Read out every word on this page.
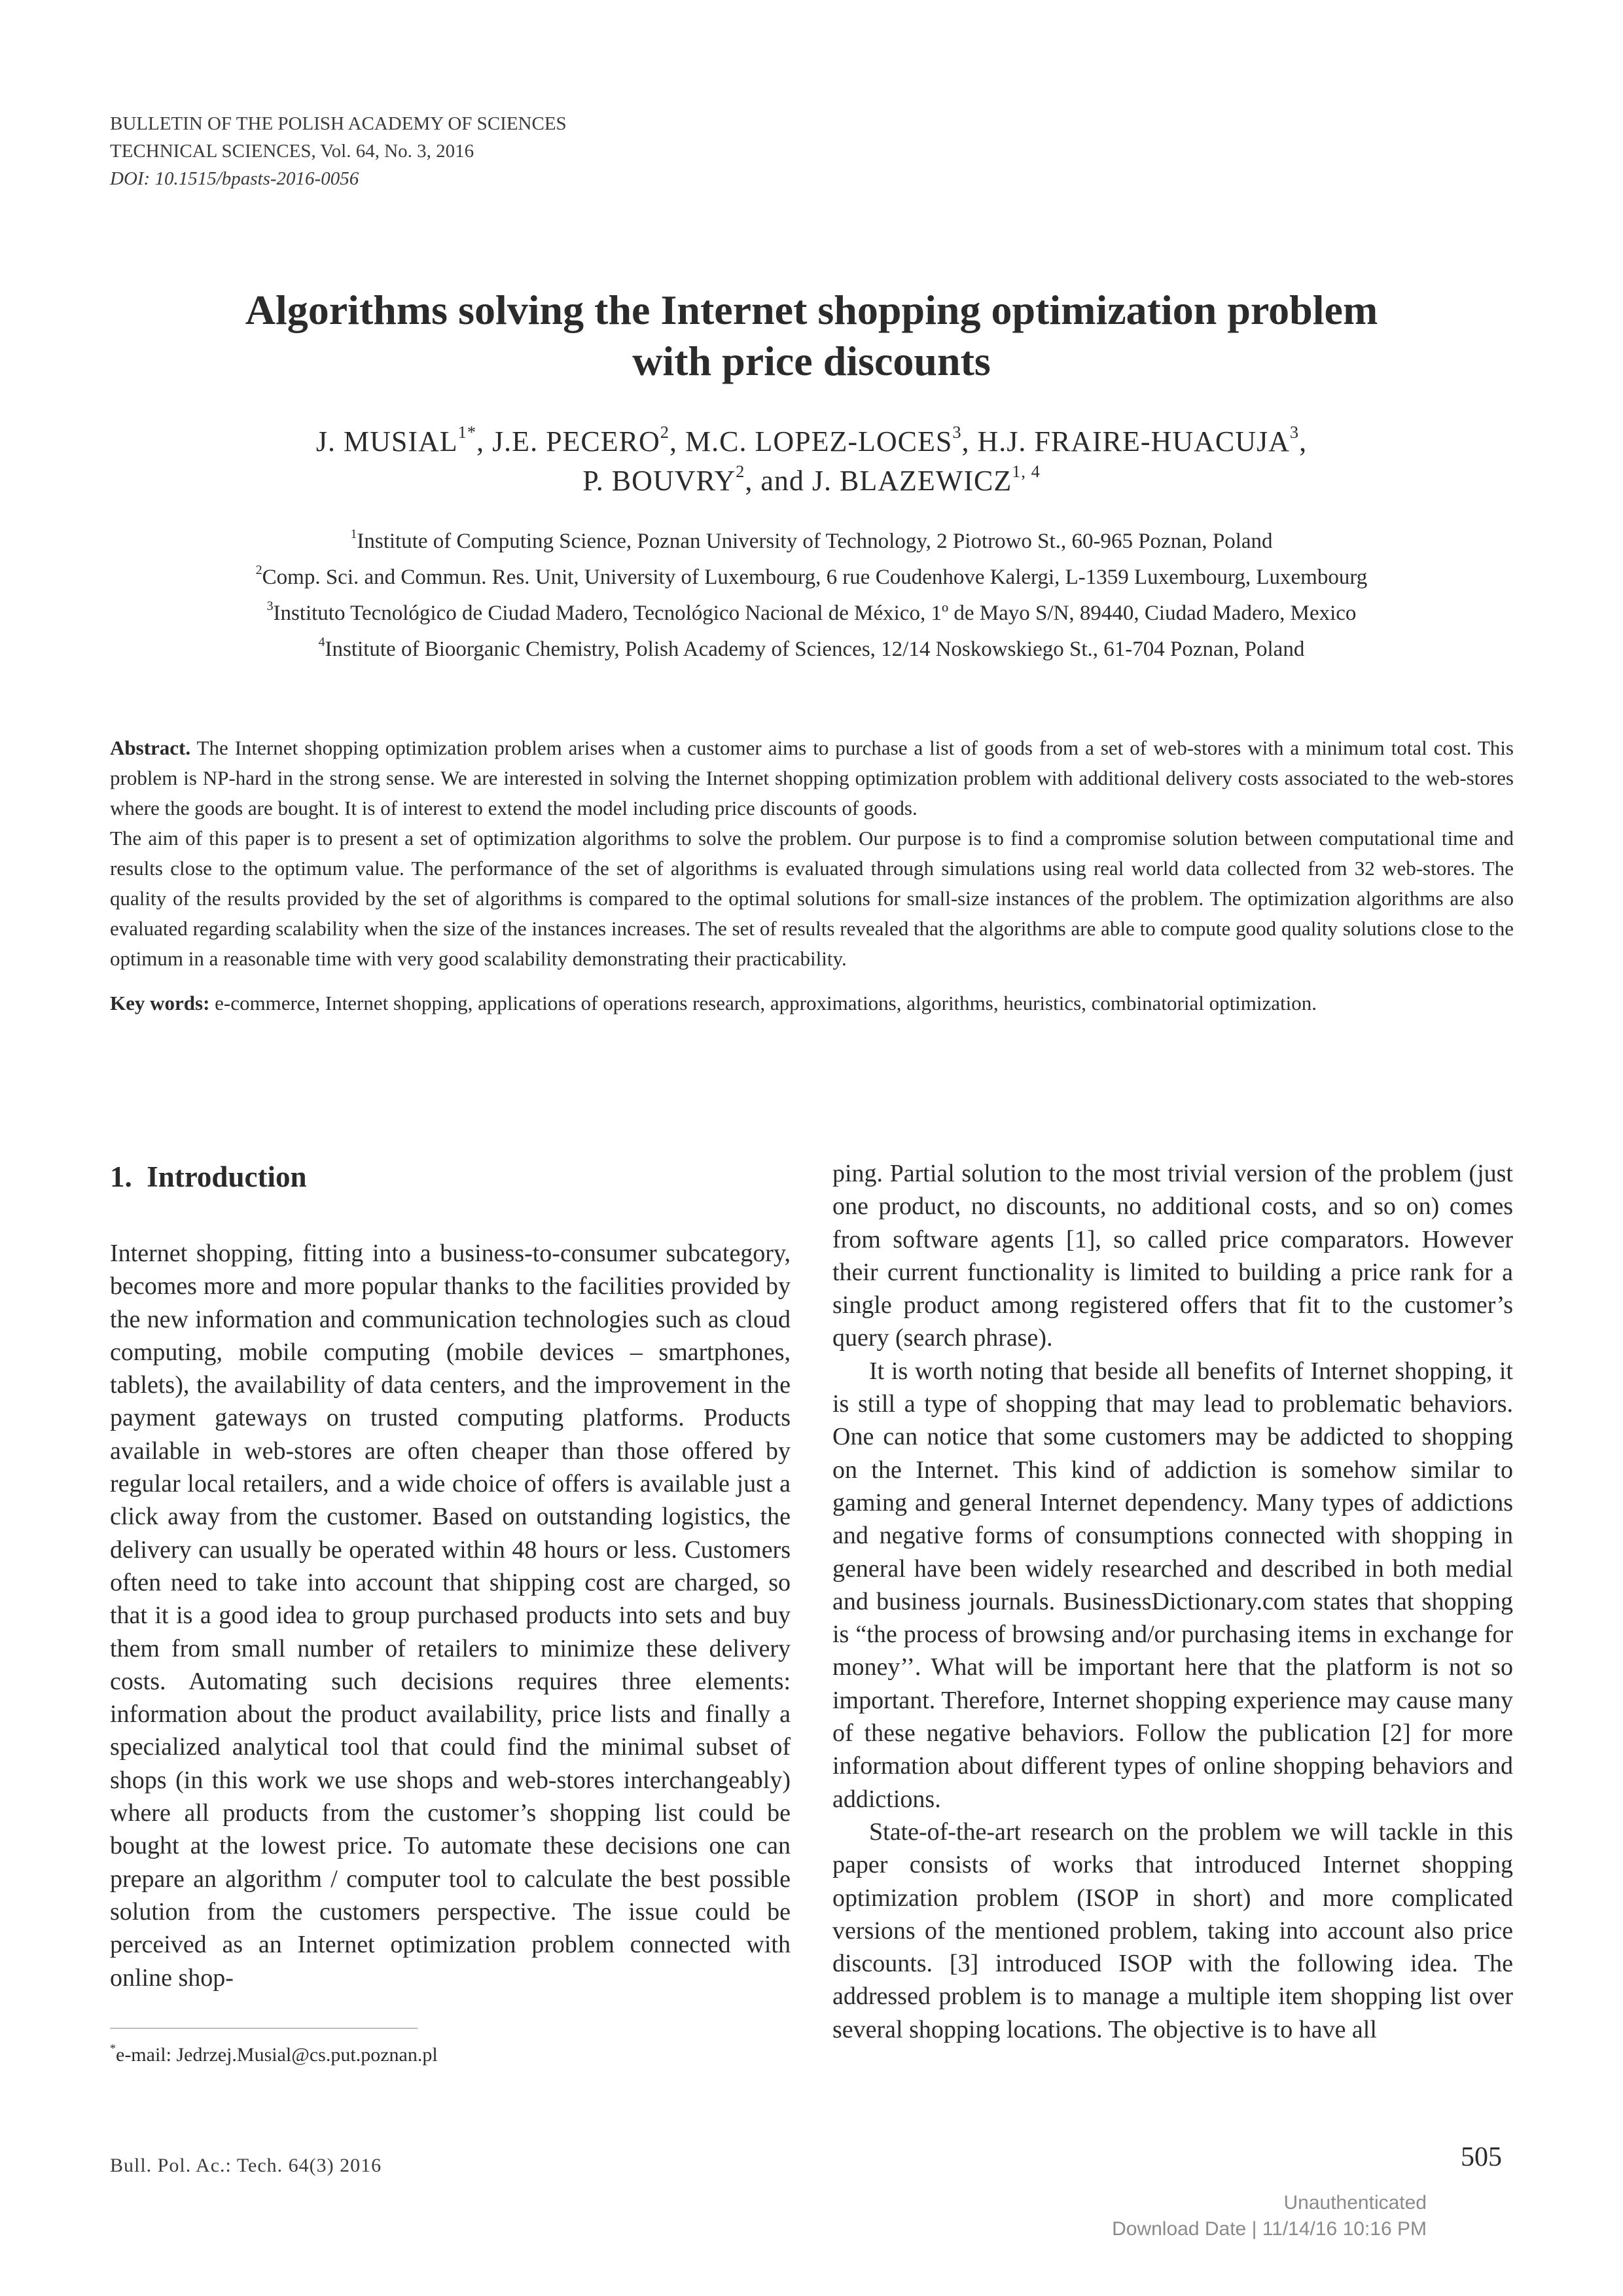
BULLETIN OF THE POLISH ACADEMY OF SCIENCES
TECHNICAL SCIENCES, Vol. 64, No. 3, 2016
DOI: 10.1515/bpasts-2016-0056
Algorithms solving the Internet shopping optimization problem
with price discounts
J. $MUSIAL^{1*}$, J.E. PECERO$^2$, M.C. LOPEZ-LOCES$^3$, H.J. FRAIRE-HUACUJA$^3$,
P. BOUVRY$^2$, and J. BLAZEWICZ$^{1, 4}$
$^1$Institute of Computing Science, Poznan University of Technology, 2 Piotrowo St., 60-965 Poznan, Poland
$^2$Comp. Sci. and Commun. Res. Unit, University of Luxembourg, 6 rue Coudenhove Kalergi, L-1359 Luxembourg, Luxembourg
$^3$Instituto Tecnológico de Ciudad Madero, Tecnológico Nacional de México, 1º de Mayo S/N, 89440, Ciudad Madero, Mexico
$^4$Institute of Bioorganic Chemistry, Polish Academy of Sciences, 12/14 Noskowskiego St., 61-704 Poznan, Poland

Abstract. The Internet shopping optimization problem arises when a customer aims to purchase a list of goods from a set of web-stores with a minimum total cost. This problem is NP-hard in the strong sense. We are interested in solving the Internet shopping optimization problem with additional delivery costs associated to the web-stores where the goods are bought. It is of interest to extend the model including price discounts of goods.

The aim of this paper is to present a set of optimization algorithms to solve the problem. Our purpose is to find a compromise solution between computational time and results close to the optimum value. The performance of the set of algorithms is evaluated through simulations using real world data collected from 32 web-stores. The quality of the results provided by the set of algorithms is compared to the optimal solutions for small-size instances of the problem. The optimization algorithms are also evaluated regarding scalability when the size of the instances increases. The set of results revealed that the algorithms are able to compute good quality solutions close to the optimum in a reasonable time with very good scalability demonstrating their practicability.

Key words: e-commerce, Internet shopping, applications of operations research, approximations, algorithms, heuristics, combinatorial optimization.

1. Introduction

Internet shopping, fitting into a business-to-consumer subcategory, becomes more and more popular thanks to the facilities provided by the new information and communication technologies such as cloud computing, mobile computing (mobile devices – smartphones, tablets), the availability of data centers, and the improvement in the payment gateways on trusted computing platforms. Products available in web-stores are often cheaper than those offered by regular local retailers, and a wide choice of offers is available just a click away from the customer. Based on outstanding logistics, the delivery can usually be operated within 48 hours or less. Customers often need to take into account that shipping cost are charged, so that it is a good idea to group purchased products into sets and buy them from small number of retailers to minimize these delivery costs. Automating such decisions requires three elements: information about the product availability, price lists and finally a specialized analytical tool that could find the minimal subset of shops (in this work we use shops and web-stores interchangeably) where all products from the customer’s shopping list could be bought at the lowest price. To automate these decisions one can prepare an algorithm / computer tool to calculate the best possible solution from the customers perspective. The issue could be perceived as an Internet optimization problem connected with online shop-

ping. Partial solution to the most trivial version of the problem (just one product, no discounts, no additional costs, and so on) comes from software agents [1], so called price comparators. However their current functionality is limited to building a price rank for a single product among registered offers that fit to the customer’s query (search phrase).

It is worth noting that beside all benefits of Internet shopping, it is still a type of shopping that may lead to problematic behaviors. One can notice that some customers may be addicted to shopping on the Internet. This kind of addiction is somehow similar to gaming and general Internet dependency. Many types of addictions and negative forms of consumptions connected with shopping in general have been widely researched and described in both medial and business journals. BusinessDictionary.com states that shopping is “the process of browsing and/or purchasing items in exchange for money’’. What will be important here that the platform is not so important. Therefore, Internet shopping experience may cause many of these negative behaviors. Follow the publication [2] for more information about different types of online shopping behaviors and addictions.

State-of-the-art research on the problem we will tackle in this paper consists of works that introduced Internet shopping optimization problem (ISOP in short) and more complicated versions of the mentioned problem, taking into account also price discounts. [3] introduced ISOP with the following idea. The addressed problem is to manage a multiple item shopping list over several shopping locations. The objective is to have all

*e-mail: Jedrzej.Musial@cs.put.poznan.pl
Bull. Pol. Ac.: Tech. 64(3) 2016	505
Unauthenticated
Download Date | 11/14/16 10:16 PM
